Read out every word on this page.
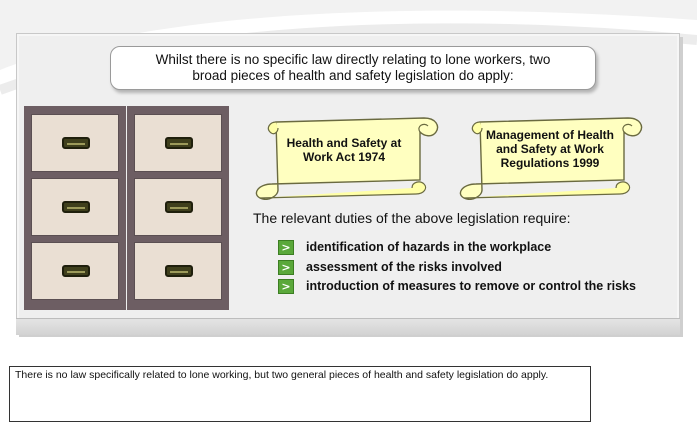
Whilst there is no specific law directly relating to lone workers, two
broad pieces of health and safety legislation do apply:
Health and Safety at
Work Act 1974
Management of Health
and Safety at Work
Regulations 1999
The relevant duties of the above legislation require:
> identification of hazards in the workplace
> assessment of the risks involved
> introduction of measures to remove or control the risks
There is no law specifically related to lone working, but two general pieces of health and safety legislation do apply.
